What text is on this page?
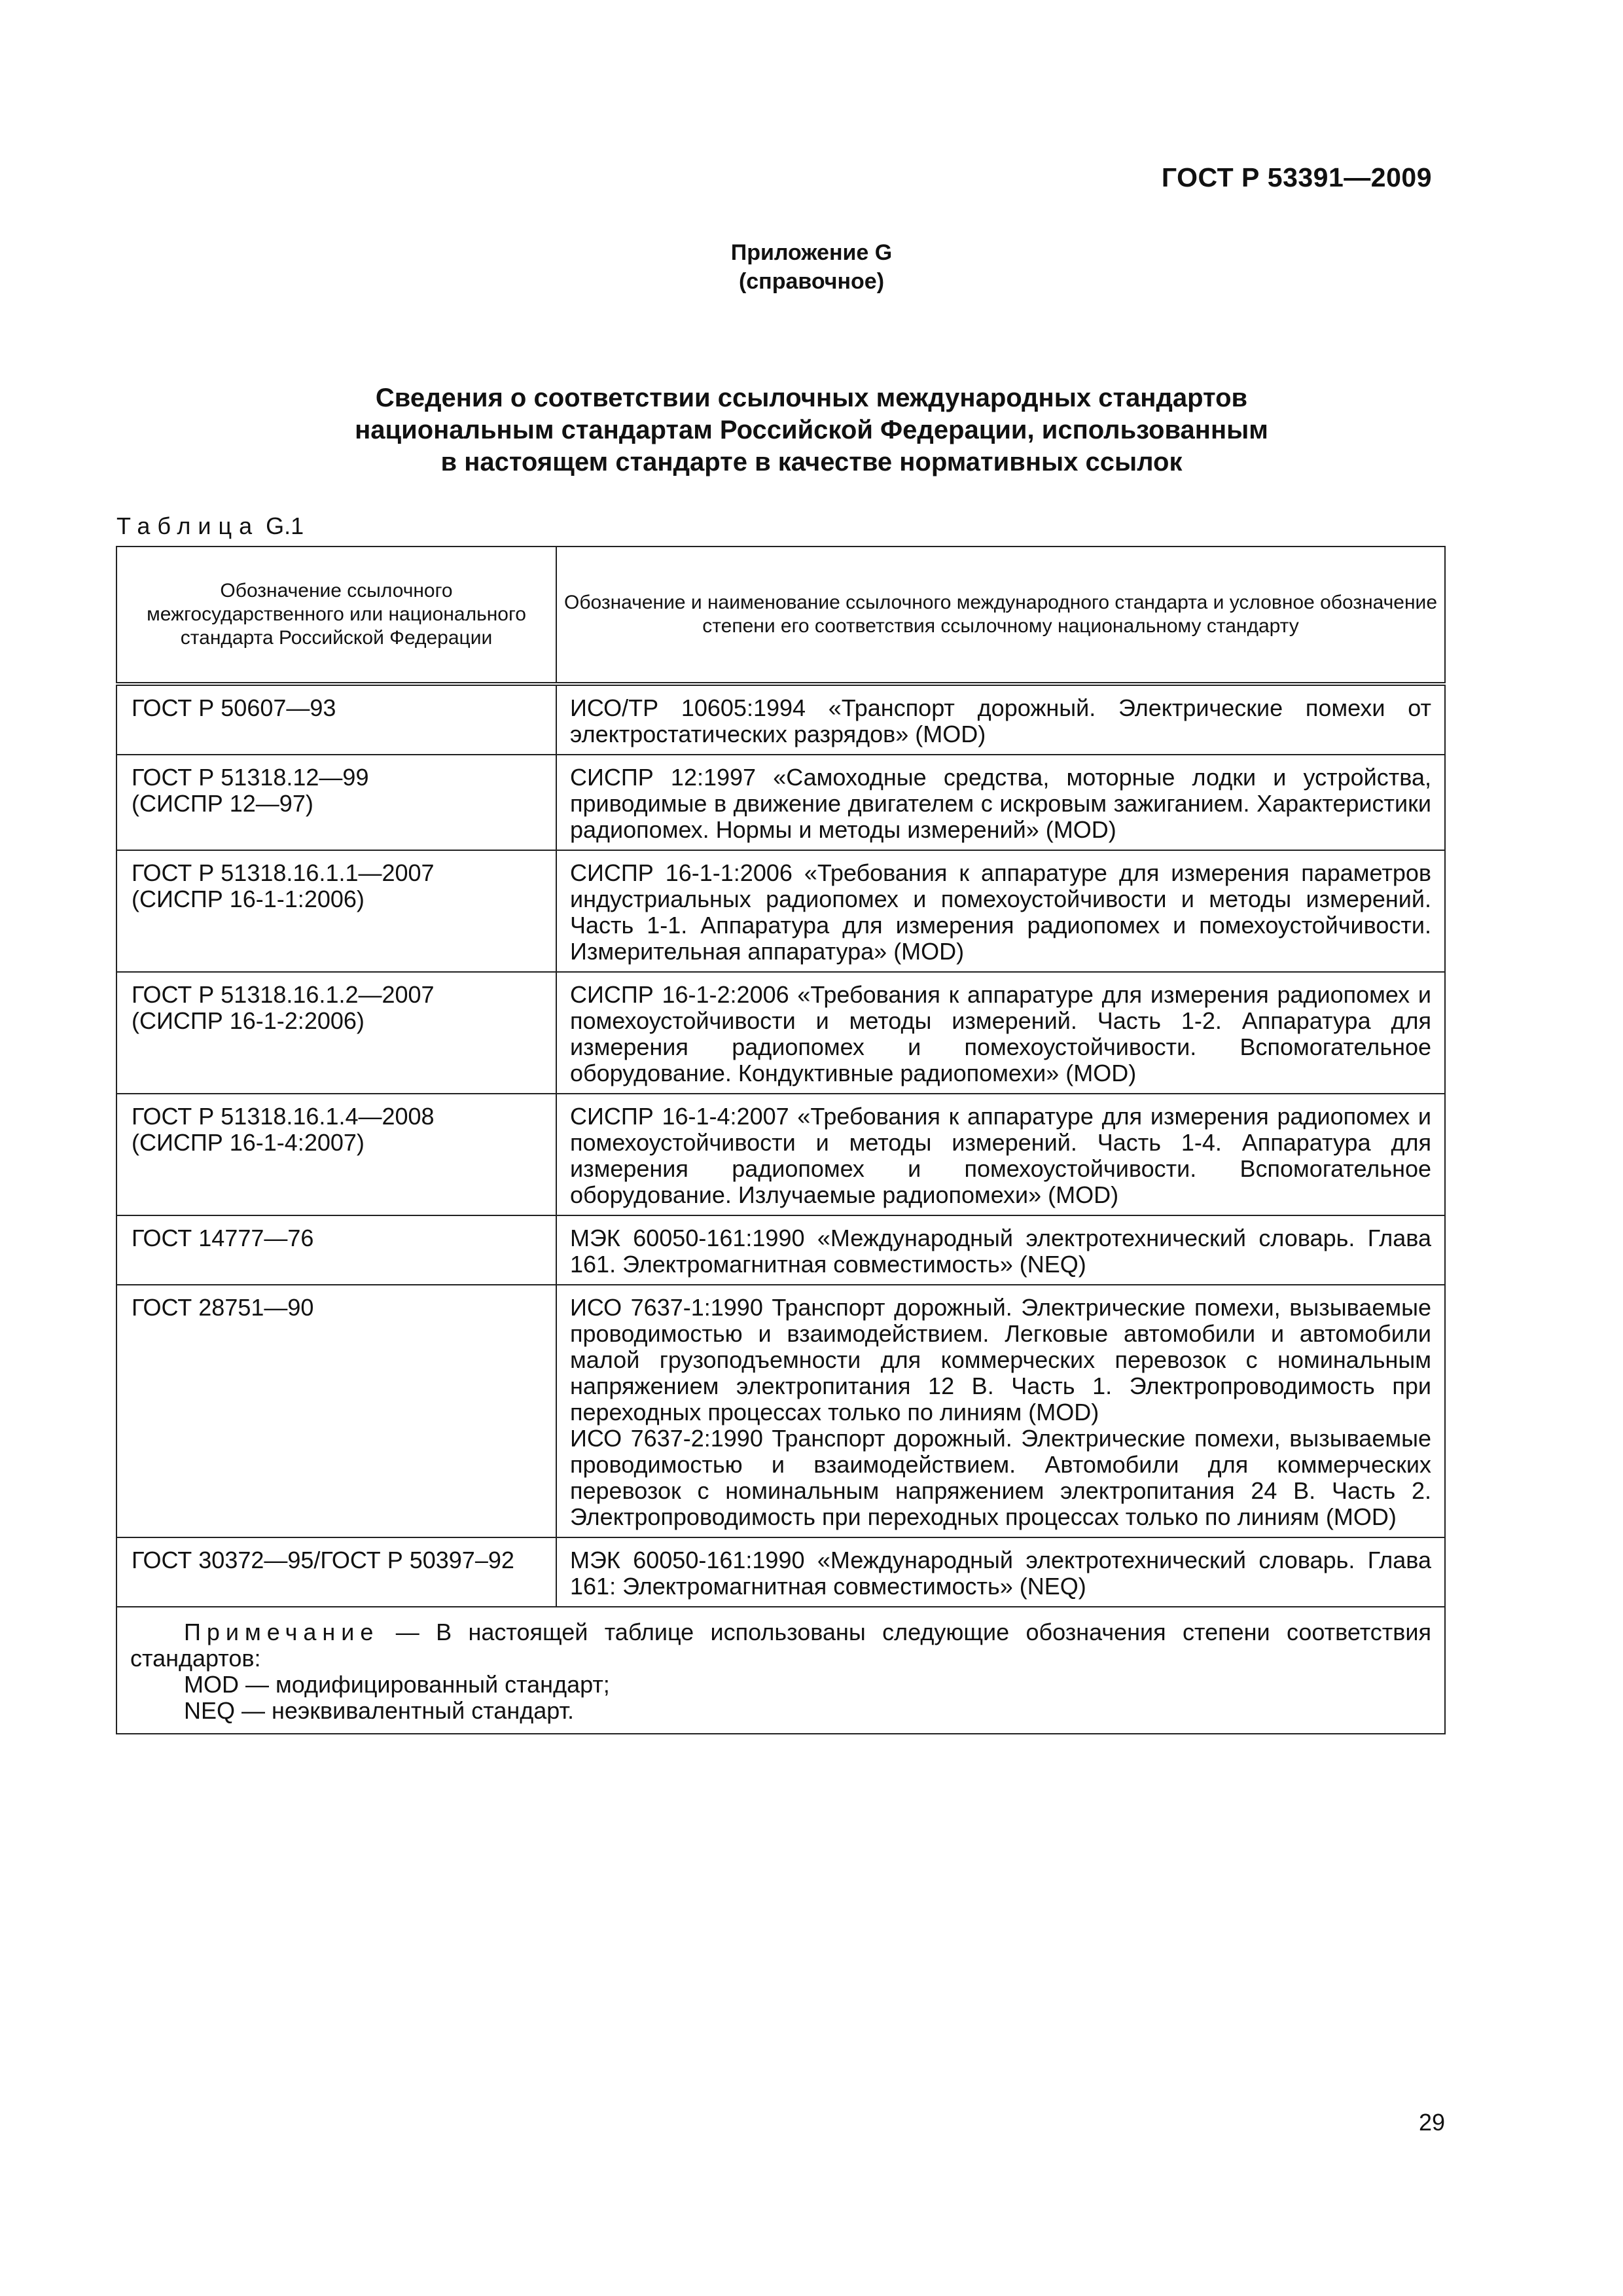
ГОСТ Р 53391—2009
Приложение G
(справочное)
Сведения о соответствии ссылочных международных стандартов
национальным стандартам Российской Федерации, использованным
в настоящем стандарте в качестве нормативных ссылок
Таблица G.1
Обозначение ссылочного межгосударственного или национального стандарта Российской Федерации	Обозначение и наименование ссылочного международного стандарта и условное обозначение степени его соответствия ссылочному национальному стандарту
ГОСТ Р 50607—93	ИСО/ТР 10605:1994 «Транспорт дорожный. Электрические помехи от электростатических разрядов» (MOD)

ГОСТ Р 51318.12—99
(СИСПР 12—97)	СИСПР 12:1997 «Самоходные средства, моторные лодки и устройства, приводимые в движение двигателем с искровым зажиганием. Характеристики радиопомех. Нормы и методы измерений» (MOD)

ГОСТ Р 51318.16.1.1—2007
(СИСПР 16-1-1:2006)	СИСПР 16-1-1:2006 «Требования к аппаратуре для измерения параметров индустриальных радиопомех и помехоустойчивости и методы измерений. Часть 1-1. Аппаратура для измерения радиопомех и помехоустойчивости. Измерительная аппаратура» (MOD)

ГОСТ Р 51318.16.1.2—2007
(СИСПР 16-1-2:2006)	СИСПР 16-1-2:2006 «Требования к аппаратуре для измерения радиопомех и помехоустойчивости и методы измерений. Часть 1-2. Аппаратура для измерения радиопомех и помехоустойчивости. Вспомогательное оборудование. Кондуктивные радиопомехи» (MOD)

ГОСТ Р 51318.16.1.4—2008
(СИСПР 16-1-4:2007)	СИСПР 16-1-4:2007 «Требования к аппаратуре для измерения радиопомех и помехоустойчивости и методы измерений. Часть 1-4. Аппаратура для измерения радиопомех и помехоустойчивости. Вспомогательное оборудование. Излучаемые радиопомехи» (MOD)

ГОСТ 14777—76	МЭК 60050-161:1990 «Международный электротехнический словарь. Глава 161. Электромагнитная совместимость» (NEQ)

ГОСТ 28751—90	ИСО 7637-1:1990 Транспорт дорожный. Электрические помехи, вызываемые проводимостью и взаимодействием. Легковые автомобили и автомобили малой грузоподъемности для коммерческих перевозок с номинальным напряжением электропитания 12 В. Часть 1. Электропроводимость при переходных процессах только по линиям (MOD)

ИСО 7637-2:1990 Транспорт дорожный. Электрические помехи, вызываемые проводимостью и взаимодействием. Автомобили для коммерческих перевозок с номинальным напряжением электропитания 24 В. Часть 2. Электропроводимость при переходных процессах только по линиям (MOD)

ГОСТ 30372—95/ГОСТ Р 50397–92	МЭК 60050-161:1990 «Международный электротехнический словарь. Глава 161: Электромагнитная совместимость» (NEQ)

Примечание — В настоящей таблице использованы следующие обозначения степени соответствия стандартов:

MOD — модифицированный стандарт;

NEQ — неэквивалентный стандарт.	

29
